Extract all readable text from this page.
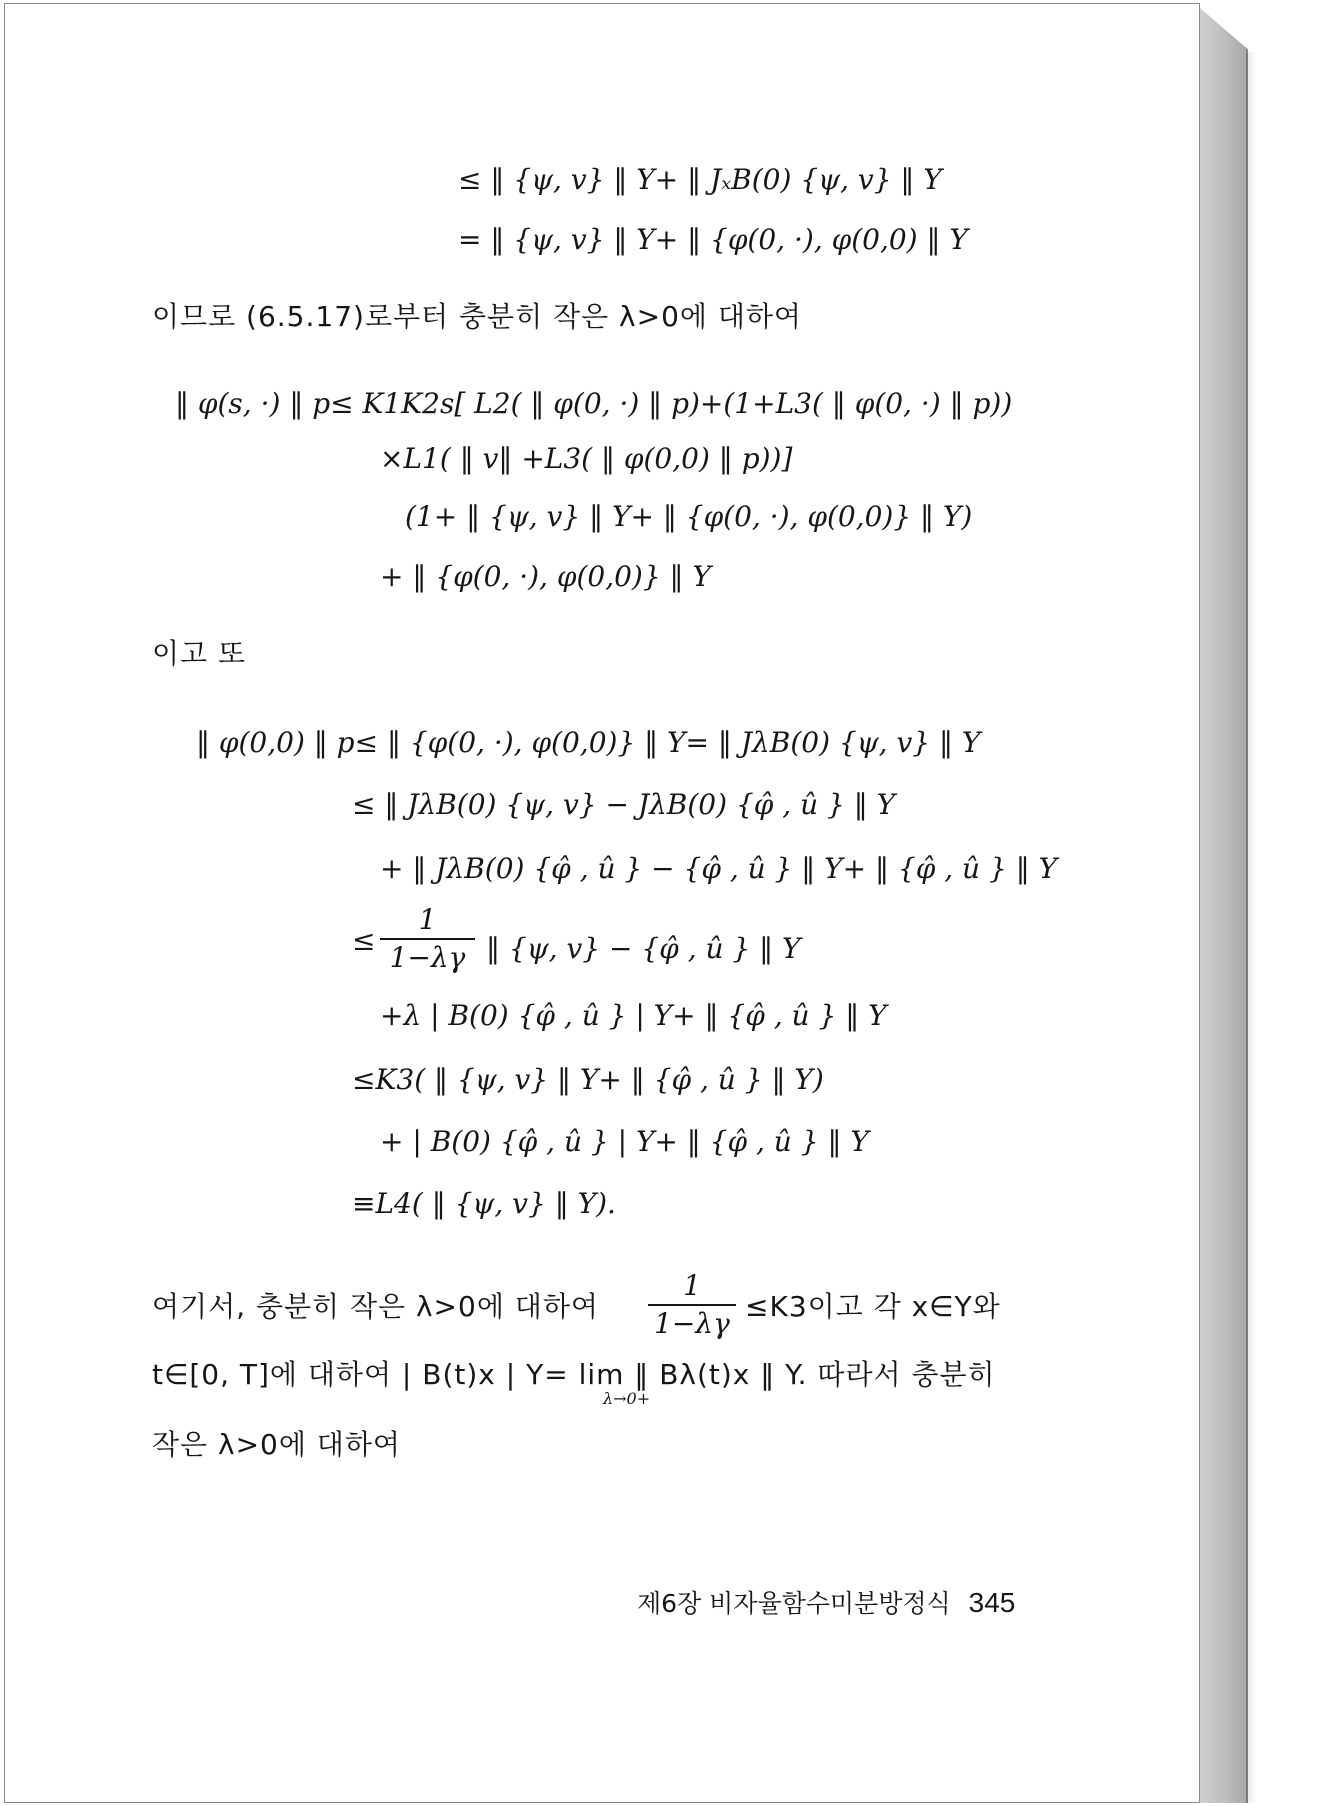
≤ ‖ {ψ, v} ‖ Y+ ‖ JₓB(0) {ψ, v} ‖ Y
= ‖ {ψ, v} ‖ Y+ ‖ {φ(0, ·), φ(0,0) ‖ Y
이므로 (6.5.17)로부터 충분히 작은 λ>0에 대하여
‖ φ(s, ·) ‖ p≤ K1K2s[ L2( ‖ φ(0, ·) ‖ p)+(1+L3( ‖ φ(0, ·) ‖ p))
×L1( ‖ v‖ +L3( ‖ φ(0,0) ‖ p))]
(1+ ‖ {ψ, v} ‖ Y+ ‖ {φ(0, ·), φ(0,0)} ‖ Y)
+ ‖ {φ(0, ·), φ(0,0)} ‖ Y
이고 또
‖ φ(0,0) ‖ p≤ ‖ {φ(0, ·), φ(0,0)} ‖ Y= ‖ JλB(0) {ψ, v} ‖ Y
≤ ‖ JλB(0) {ψ, v} − JλB(0) {φ̂ , û } ‖ Y
+ ‖ JλB(0) {φ̂ , û } − {φ̂ , û } ‖ Y+ ‖ {φ̂ , û } ‖ Y
≤
1
1−λγ ‖ {ψ, v} − {φ̂ , û } ‖ Y
+λ | B(0) {φ̂ , û } | Y+ ‖ {φ̂ , û } ‖ Y
≤K3( ‖ {ψ, v} ‖ Y+ ‖ {φ̂ , û } ‖ Y)
+ | B(0) {φ̂ , û } | Y+ ‖ {φ̂ , û } ‖ Y
≡L4( ‖ {ψ, v} ‖ Y).
여기서, 충분히 작은 λ>0에 대하여
1
1−λγ
≤K3이고 각 x∈Y와
t∈[0, T]에 대하여 | B(t)x | Y= lim ‖ Bλ(t)x ‖ Y. 따라서 충분히
λ→0+
작은 λ>0에 대하여
제6장 비자율함수미분방정식 345
